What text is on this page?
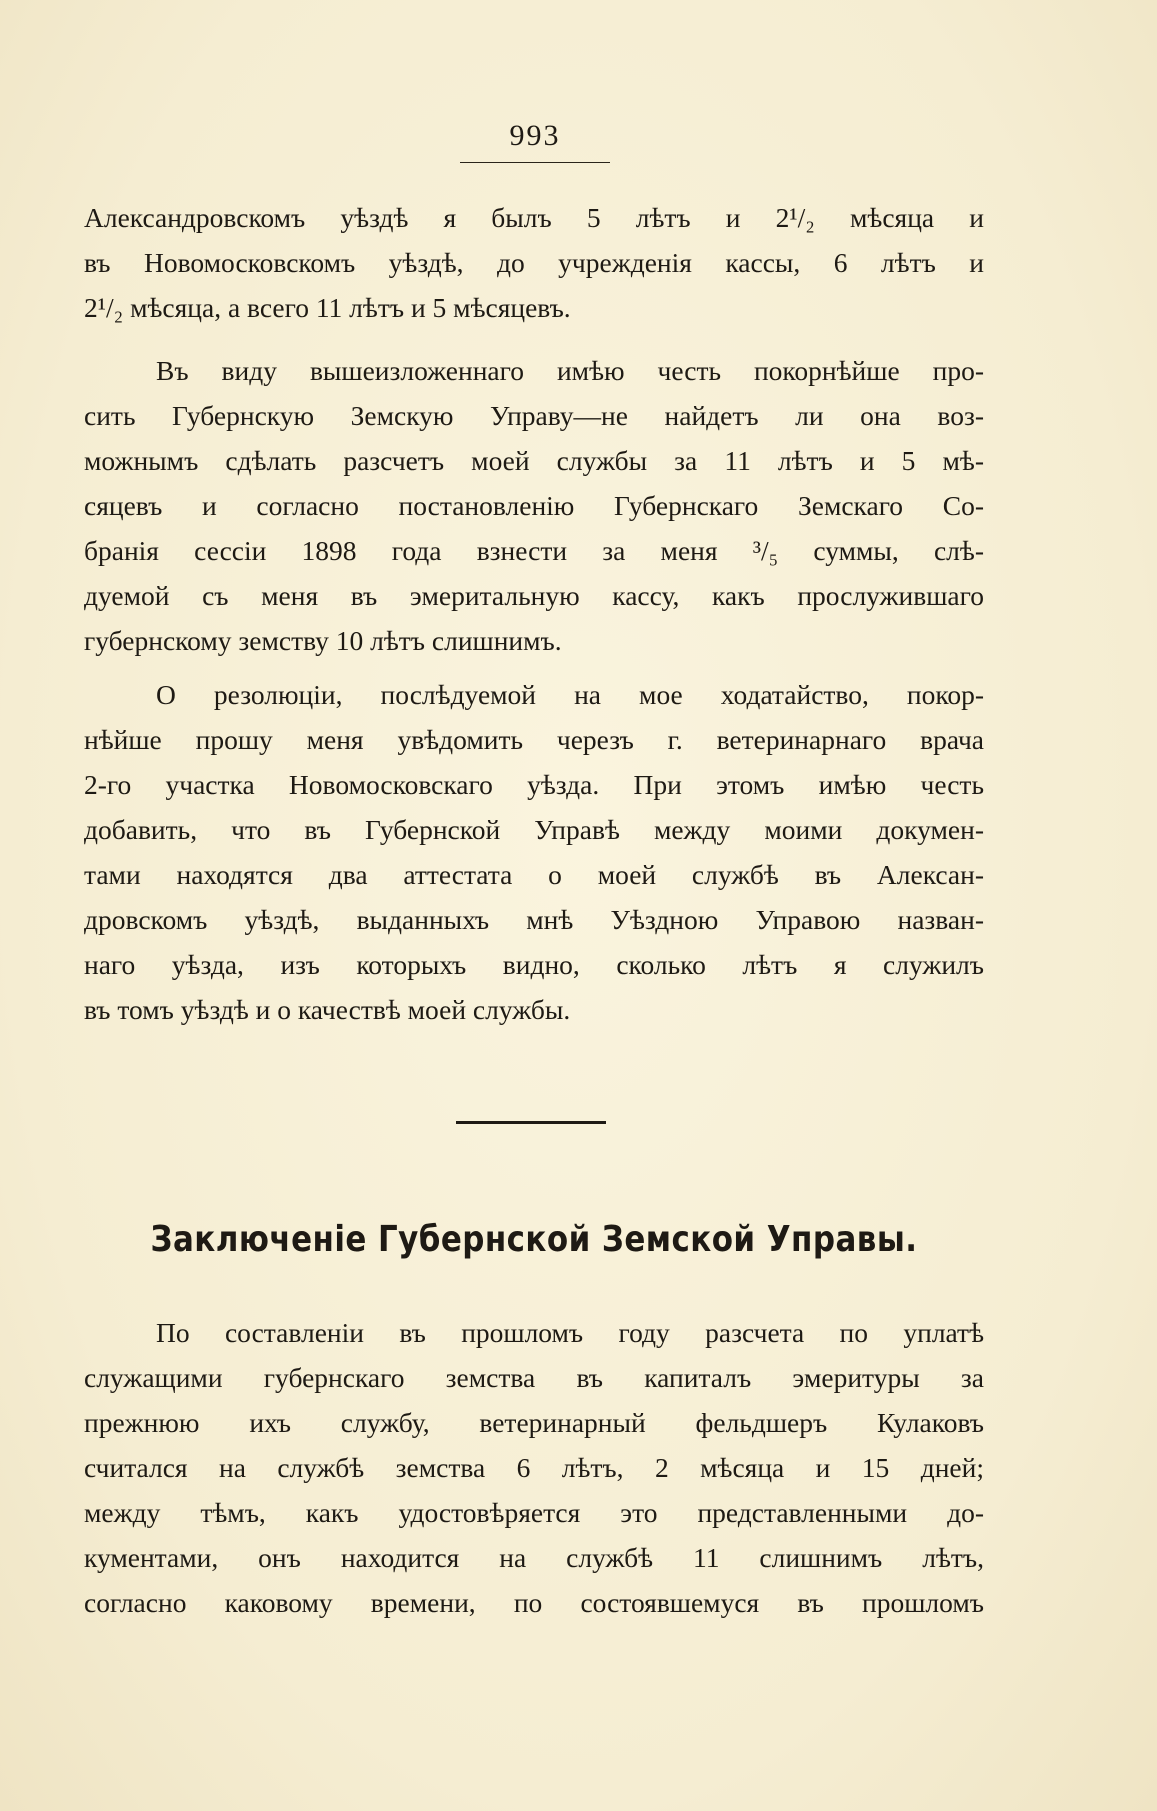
993
Александровскомъ уѣздѣ я былъ 5 лѣтъ и 2¹/₂ мѣсяца и
въ Новомосковскомъ уѣздѣ, до учрежденія кассы, 6 лѣтъ и
2¹/₂ мѣсяца, а всего 11 лѣтъ и 5 мѣсяцевъ.
Въ виду вышеизложеннаго имѣю честь покорнѣйше про-
сить Губернскую Земскую Управу—не найдетъ ли она воз-
можнымъ сдѣлать разсчетъ моей службы за 11 лѣтъ и 5 мѣ-
сяцевъ и согласно постановленію Губернскаго Земскаго Со-
бранія сессіи 1898 года взнести за меня ³/₅ суммы, слѣ-
дуемой съ меня въ эмеритальную кассу, какъ прослужившаго
губернскому земству 10 лѣтъ слишнимъ.
О резолюціи, послѣдуемой на мое ходатайство, покор-
нѣйше прошу меня увѣдомить черезъ г. ветеринарнаго врача
2-го участка Новомосковскаго уѣзда. При этомъ имѣю честь
добавить, что въ Губернской Управѣ между моими докумен-
тами находятся два аттестата о моей службѣ въ Алексан-
дровскомъ уѣздѣ, выданныхъ мнѣ Уѣздною Управою назван-
наго уѣзда, изъ которыхъ видно, сколько лѣтъ я служилъ
въ томъ уѣздѣ и о качествѣ моей службы.
Заключеніе Губернской Земской Управы.
По составленіи въ прошломъ году разсчета по уплатѣ
служащими губернскаго земства въ капиталъ эмеритуры за
прежнюю ихъ службу, ветеринарный фельдшеръ Кулаковъ
считался на службѣ земства 6 лѣтъ, 2 мѣсяца и 15 дней;
между тѣмъ, какъ удостовѣряется это представленными до-
кументами, онъ находится на службѣ 11 слишнимъ лѣтъ,
согласно каковому времени, по состоявшемуся въ прошломъ
